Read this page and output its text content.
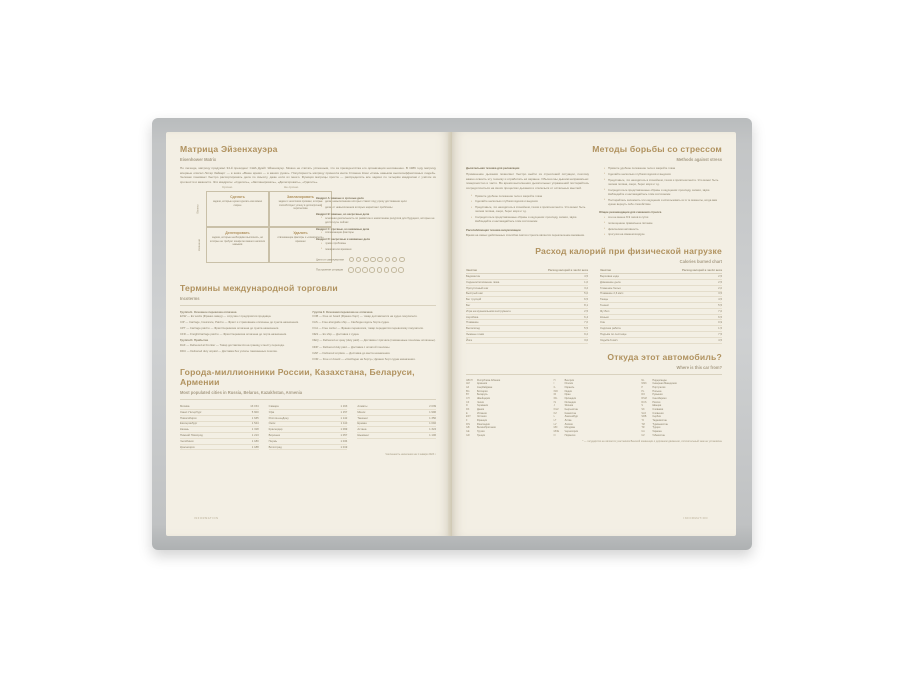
Матрица Эйзенхауэра
Eisenhower Matrix
По легенде, матрицу придумал 34-й президент США Дуайт Эйзенхауэр. Можно не считать успешным, что за президентства его организации несомненно. В 1986 году матрицу впервые описал Лотар Зайверт — в книге «Ваше время — в ваших руках». Популярность матрицу принесла книга Стивена Кови «Семь навыков высокоэффективных людей». Человек понимает быстро рассортировать дела по смыслу, даже если их много. Функция матрицы проста — распределить все задачи по четырём квадратам с учётом их срочности и важности. Эти квадраты: «Сделать», «Запланировать», «Делегировать», «Удалить».
Срочно	Не срочно
Важно
Неважно
Сделать
задачи, которые нужно сделать как можно скорее
Запланировать
задачи с нечёткими сроками, которые способствуют успеху в долгосрочной перспективе
Делегировать
задачи, которые необходимо выполнить, но которые не требуют конкретно вашего наличия навыков
Удалить
отвлекающие факторы и «пожиратели» времени
Квадрат A: важные и срочные дела
• дела, невыполнение которых ставит под угрозу достижение цели
• дела, от невыполнения которых нарастают проблемы
Квадрат B: важные, но несрочные дела
• основная деятельность по развитию и накоплению ресурсов для будущего, которые не достигнуты сейчас
Квадрат C: срочные, но неважные дела
• отвлекающие факторы
Квадрат D: несрочные и неважные дела
• чужие проблемы
• пожиратели времени
Цели от самочувствия
Построение ситуации
Термины международной торговли
Incoterms
Группа E. Основное перевозка оплачена
EXW — Ex works (Франко завод) — отгрузка с предприятия продавца.
CIP — Carriage, Insurance, Paid to — Фрахт и страхование оплачены до пункта назначения.
CPT — Carriage paid to — Фрахт/перевозка оплачена до пункта назначения.
CFR — Freight/carriage paid to — Фрахт/перевозка оплачена до порта назначения.
Группа D. Прибытие
DAF — Delivered at Frontier — Товар доставляется на границу к месту перехода.
DDU — Delivered duty unpaid — Доставка без уплаты таможенных пошлин.
Группа F. Основная перевозка не оплачена
FOB — Free on board (Франко борт) — товар доставляется на судно покупателя.
FAS — Free alongside ship — Свободно вдоль борта судна.
FCA — Free carrier — Франко перевозчик, товар передаётся перевозчику покупателя.
DES — Ex ship — Доставка с судна.
DEQ — Delivered ex quay (duty paid) — Доставка с причала (таможенные пошлины оплачены).
DDP — Delivered duty paid — Доставка с оплатой пошлины.
DAP — Delivered at place — Доставка до места назначения.
FOR — Free on board — «Свободно на борту»; франко борт судна назначения.
Города-миллионники России, Казахстана, Беларуси, Армении
Most populated cities in Russia, Belarus, Kazakhstan, Armenia
Москва	13 154
Санкт-Петербург	5 600
Новосибирск	1 635
Екатеринбург	1 544
Казань	1 318
Нижний Новгород	1 213
Челябинск	1 180
Красноярск	1 188
Самара	1 163
Уфа	1 157
Ростов-на-Дону	1 142
Омск	1 110
Краснодар	1 099
Воронеж	1 057
Пермь	1 034
Волгоград	1 019
Алматы	2 039
Минск	1 996
Ташкент	1 350
Ереван	1 092
Астана	1 324
Шымкент	1 106
Численность населения на 1 января 2023 г.
INFORMATION
Методы борьбы со стрессом
Methods against stress
Дыхательная техника для релаксации
Применение дыхания позволяет быстро выйти из стрессовой ситуации, поэтому важно освоить эту технику и отработать её заранее. Обычно мы дышим неправильно: поверхностно и часто. Во время выполнения дыхательных упражнений постарайтесь сосредоточиться на своих процессах дыхания и отвлечься от остальных мыслей.
• Примите удобное положение тела и закройте глаза
• Сделайте несколько глубоких вдохов и выдохов
• Представьте, что находитесь в спокойном, тихом и приятном месте. Это может быть лесная поляна, озеро, берег моря и т.д.
• Сосредоточьте представленные образы и ощущения: прохладу, запахи, звуки. Наблюдайте и наслаждайтесь этим состоянием
Расслабляющая техника визуализации
Время на самых действенных способов снятия стресса является переключение внимания.
• Примите удобное положение тела и закройте глаза
• Сделайте несколько глубоких вдохов и выдохов
• Представьте, что находитесь в спокойном, тихом и приятном месте. Это может быть лесная поляна, озеро, берег моря и т.д.
• Сосредоточьте представленные образы и ощущения: прохладу, запахи, звуки. Наблюдайте и наслаждайтесь этим состоянием
• Постарайтесь запомнить эти ощущения и использовать их в те моменты, когда вам нужно вернуть себе спокойствие
Общие рекомендации для снижения стресса
• сон не менее 8-9 часов в сутки
• полноценное правильное питание
• физическая активность
• прогулки на свежем воздухе
Расход калорий при физической нагрузке
Calories burned chart
Занятие	Расход калорий в час/кг веса
Бадминтон	4,5
Сидение/положение лёжа	1,0
Прогулочный шаг	3,2
Быстрый шаг	5,0
Бег трусцой	6,5
Бег	8,1
Игра на музыкальном инструменте	2,5
Аэробика	6,4
Плавание	7,0
Велосипед	5,5
Лыжные гонки	9,2
Йога	3,0
Занятие	Расход калорий в час/кг веса
Верховая езда	2,5
Домашние дела	2,5
Глажение белья	2,0
Плавание 2,6 км/ч	3,5
Танцы	4,5
Теннис	5,5
Футбол	7,0
Коньки	6,5
Сон	0,9
Сидячая работа	1,5
Подъём по лестнице	7,5
Ходьба 6 км/ч	4,5
Откуда этот автомобиль?
Where is this car from?
ABKH	Республика Абхазия
AM	Армения
AZ	Азербайджан
BG	Болгария
BY	Беларусь
CH	Швейцария
CZ	Чехия
D	Германия
DK	Дания
E	Испания
EST	Эстония
F	Франция
FIN	Финляндия
GB	Великобритания
GE	Грузия
GR	Греция
H	Венгрия
I	Италия
IL	Израиль
IND	Индия
IR	Иран
IRL	Ирландия
IS	Исландия
J	Япония
KGZ	Кыргызстан
KZ	Казахстан
L	Люксембург
LT	Литва
LV	Латвия
MD	Молдова
MNE	Черногория
N	Норвегия
NL	Нидерланды
NMK	Северная Македония
P	Португалия
PL	Польша
RO	Румыния
RSM	Сан-Марино
RUS	Россия
S	Швеция
SK	Словакия
SLO	Словения
SRB	Сербия
TJ	Таджикистан
TM	Туркменистан
TR	Турция
UA	Украина
UZ	Узбекистан
* — государство не является участником Венской конвенции о дорожном движении, отличительный знак не установлен
INFORMATION
